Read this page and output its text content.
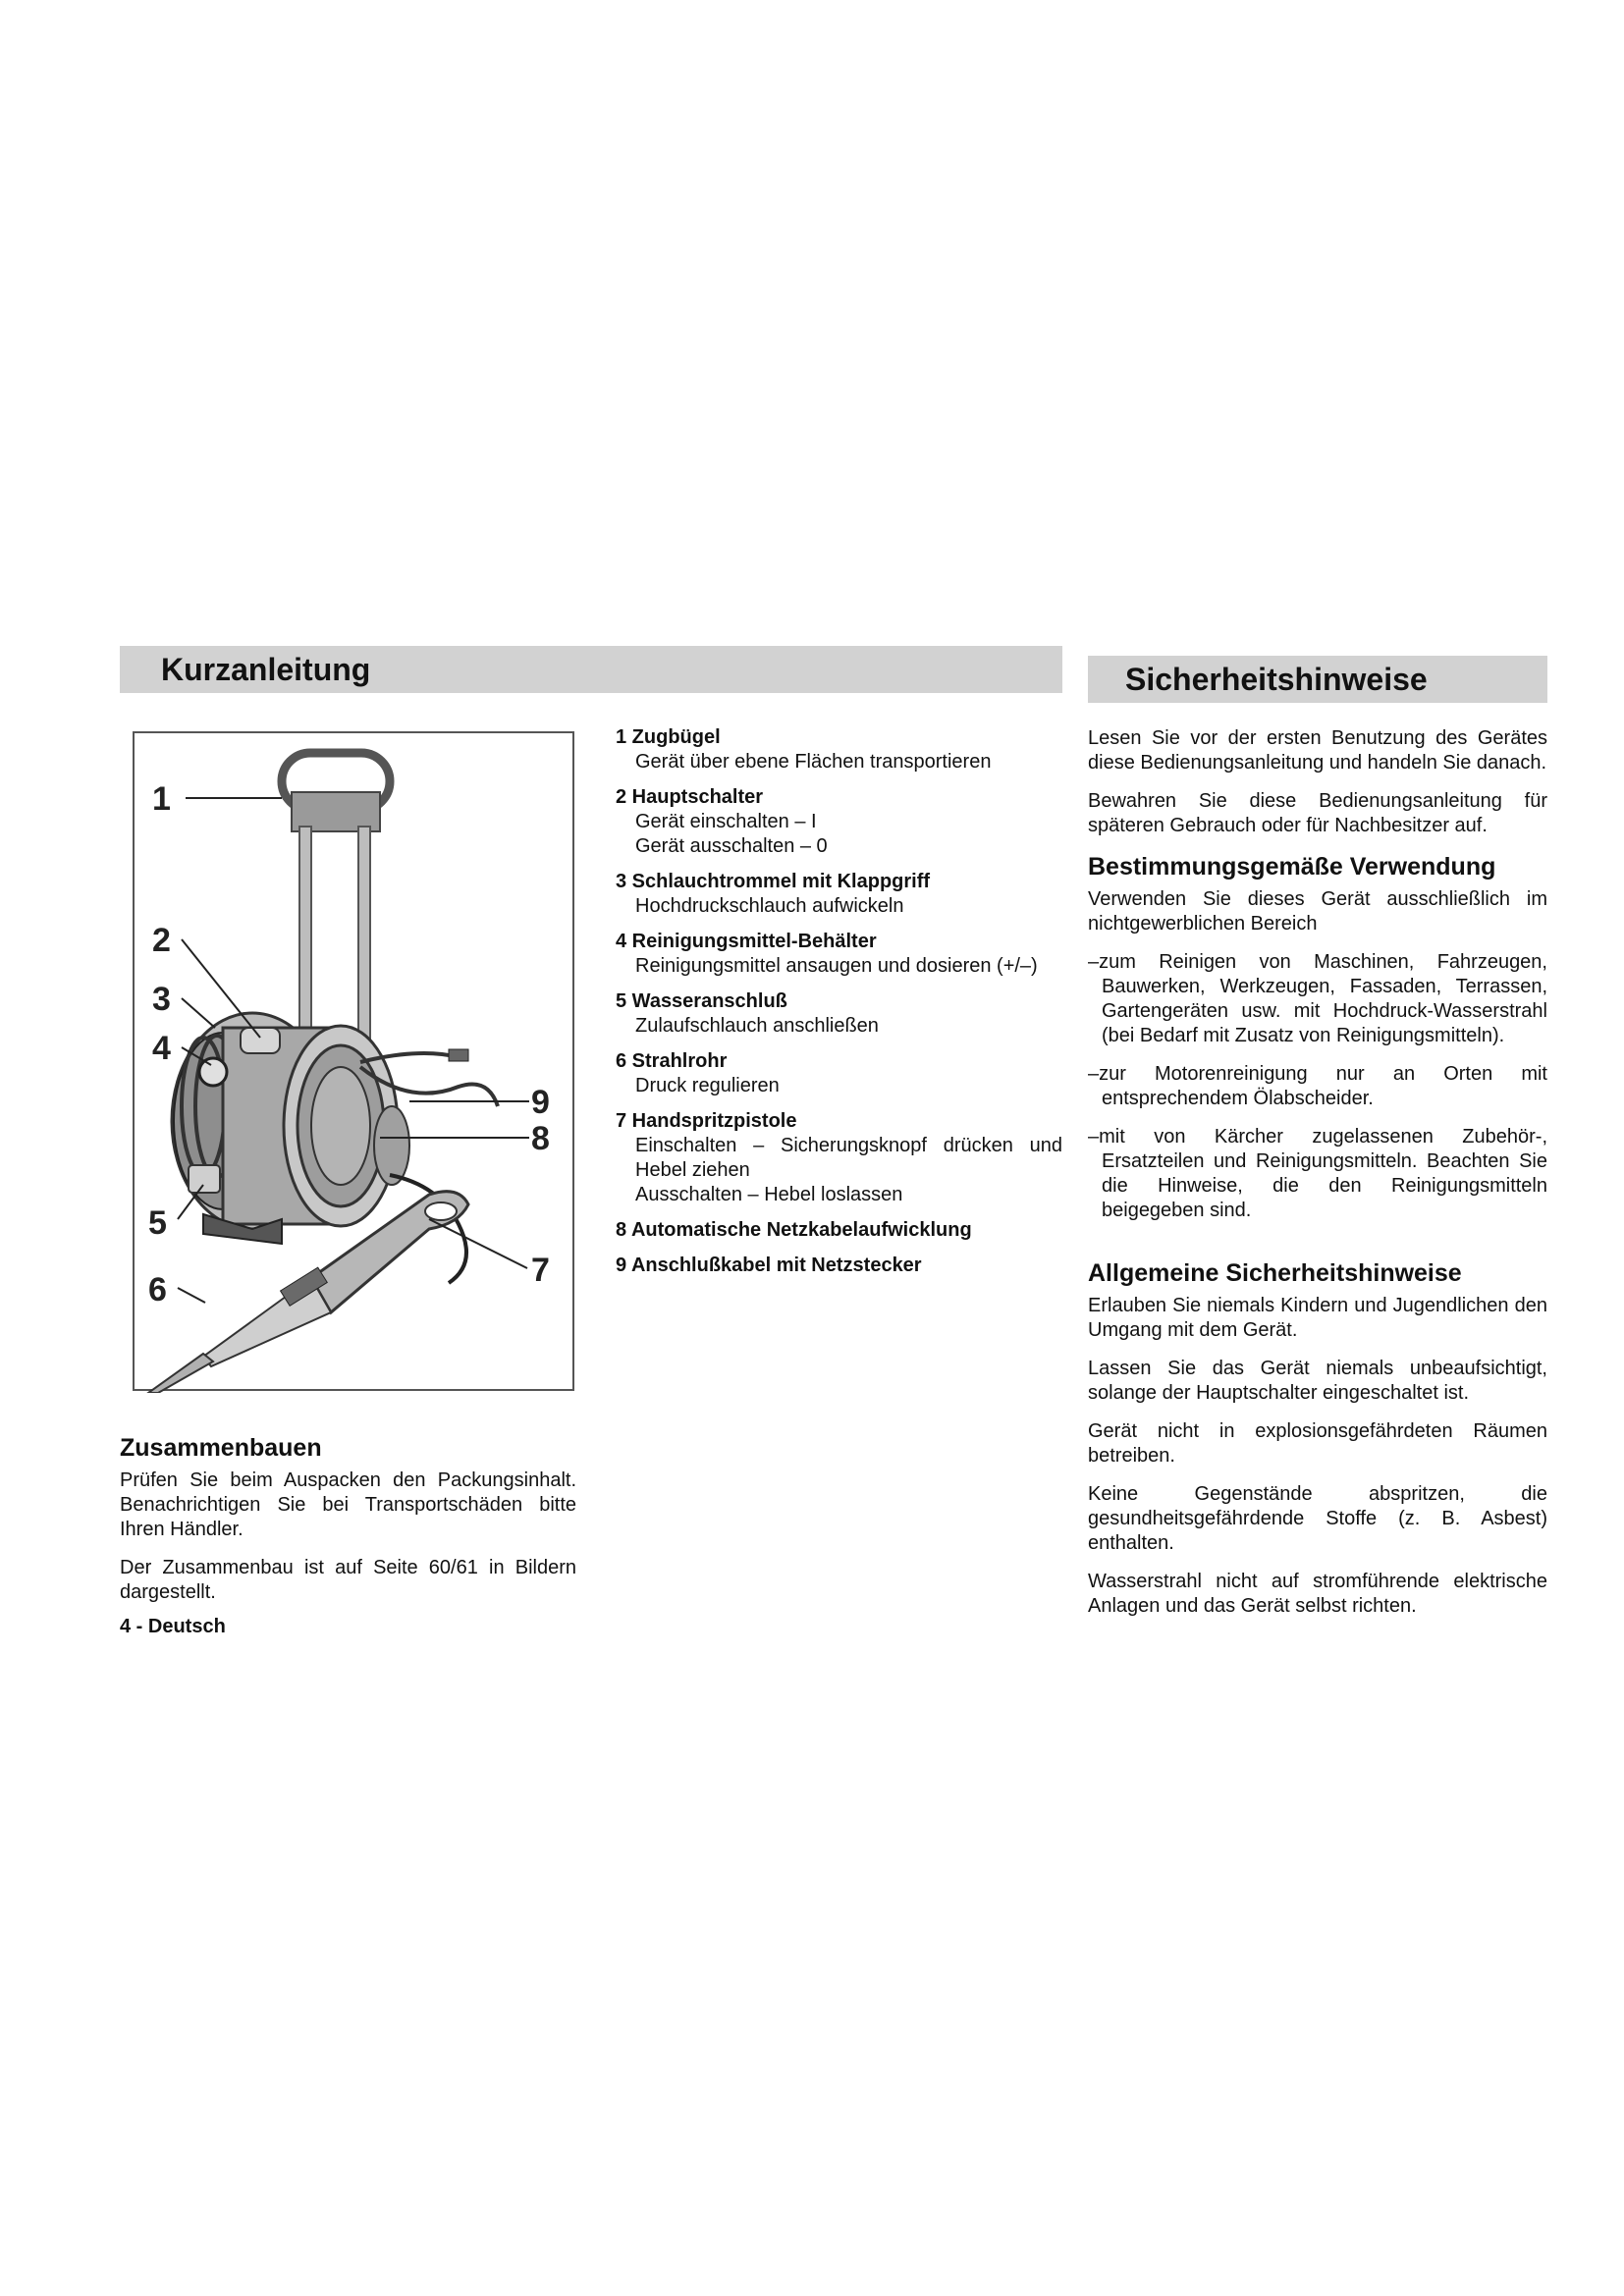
Kurzanleitung	Sicherheitshinweise
1
2
3
4
5
6
7
8
9
1 Zugbügel
Gerät über ebene Flächen transportieren
2 Hauptschalter
Gerät einschalten – I
Gerät ausschalten – 0
3 Schlauchtrommel mit Klappgriff
Hochdruckschlauch aufwickeln
4 Reinigungsmittel-Behälter
Reinigungsmittel ansaugen und dosieren (+/–)
5 Wasseranschluß
Zulaufschlauch anschließen
6 Strahlrohr
Druck regulieren
7 Handspritzpistole
Einschalten – Sicherungsknopf drücken und Hebel ziehen
Ausschalten – Hebel loslassen
8 Automatische Netzkabelaufwicklung
9 Anschlußkabel mit Netzstecker
Zusammenbauen

Prüfen Sie beim Auspacken den Packungsinhalt. Benachrichtigen Sie bei Transportschäden bitte Ihren Händler.

Der Zusammenbau ist auf Seite 60/61 in Bildern dargestellt.

4 - Deutsch

Lesen Sie vor der ersten Benutzung des Gerätes diese Bedienungsanleitung und handeln Sie danach.

Bewahren Sie diese Bedienungsanleitung für späteren Gebrauch oder für Nachbesitzer auf.

Bestimmungsgemäße Verwendung

Verwenden Sie dieses Gerät ausschließlich im nichtgewerblichen Bereich

–zum Reinigen von Maschinen, Fahrzeugen, Bauwerken, Werkzeugen, Fassaden, Terrassen, Gartengeräten usw. mit Hochdruck-Wasserstrahl (bei Bedarf mit Zusatz von Reinigungsmitteln).

–zur Motorenreinigung nur an Orten mit entsprechendem Ölabscheider.

–mit von Kärcher zugelassenen Zubehör-, Ersatzteilen und Reinigungsmitteln. Beachten Sie die Hinweise, die den Reinigungsmitteln beigegeben sind.

Allgemeine Sicherheitshinweise

Erlauben Sie niemals Kindern und Jugendlichen den Umgang mit dem Gerät.

Lassen Sie das Gerät niemals unbeaufsichtigt, solange der Hauptschalter eingeschaltet ist.

Gerät nicht in explosionsgefährdeten Räumen betreiben.

Keine Gegenstände abspritzen, die gesundheitsgefährdende Stoffe (z. B. Asbest) enthalten.

Wasserstrahl nicht auf stromführende elektrische Anlagen und das Gerät selbst richten.
